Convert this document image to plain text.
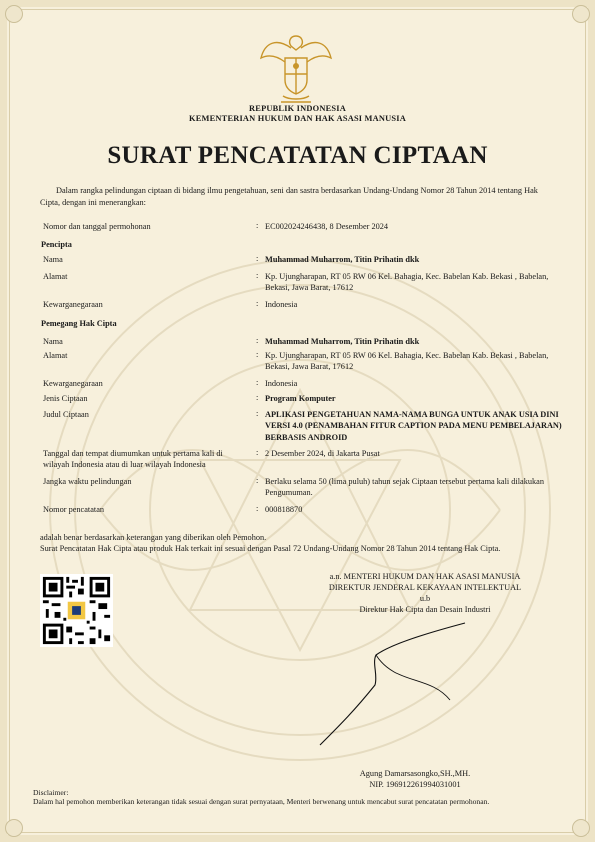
REPUBLIK INDONESIA
KEMENTERIAN HUKUM DAN HAK ASASI MANUSIA
SURAT PENCATATAN CIPTAAN
Dalam rangka pelindungan ciptaan di bidang ilmu pengetahuan, seni dan sastra berdasarkan Undang-Undang Nomor 28 Tahun 2014 tentang Hak Cipta, dengan ini menerangkan:
Nomor dan tanggal permohonan	: EC002024246438, 8 Desember 2024
Pencipta
Nama	: Muhammad Muharrom, Titin Prihatin dkk
Alamat	: Kp. Ujungharapan, RT 05 RW 06 Kel. Bahagia, Kec. Babelan Kab. Bekasi , Babelan, Bekasi, Jawa Barat, 17612
Kewarganegaraan	: Indonesia
Pemegang Hak Cipta
Nama	: Muhammad Muharrom, Titin Prihatin dkk
Alamat	: Kp. Ujungharapan, RT 05 RW 06 Kel. Bahagia, Kec. Babelan Kab. Bekasi , Babelan, Bekasi, Jawa Barat, 17612
Kewarganegaraan	: Indonesia
Jenis Ciptaan	: Program Komputer
Judul Ciptaan	: APLIKASI PENGETAHUAN NAMA-NAMA BUNGA UNTUK ANAK USIA DINI VERSI 4.0 (PENAMBAHAN FITUR CAPTION PADA MENU PEMBELAJARAN) BERBASIS ANDROID
Tanggal dan tempat diumumkan untuk pertama kali di wilayah Indonesia atau di luar wilayah Indonesia
: 2 Desember 2024, di Jakarta Pusat
Jangka waktu pelindungan	: Berlaku selama 50 (lima puluh) tahun sejak Ciptaan tersebut pertama kali dilakukan Pengumuman.
Nomor pencatatan	: 000818870
adalah benar berdasarkan keterangan yang diberikan oleh Pemohon.
Surat Pencatatan Hak Cipta atau produk Hak terkait ini sesuai dengan Pasal 72 Undang-Undang Nomor 28 Tahun 2014 tentang Hak Cipta.
a.n. MENTERI HUKUM DAN HAK ASASI MANUSIA
DIREKTUR JENDERAL KEKAYAAN INTELEKTUAL
u.b
Direktur Hak Cipta dan Desain Industri
Agung Damarsasongko,SH.,MH.
NIP. 196912261994031001
Disclaimer:
Dalam hal pemohon memberikan keterangan tidak sesuai dengan surat pernyataan, Menteri berwenang untuk mencabut surat pencatatan permohonan.
